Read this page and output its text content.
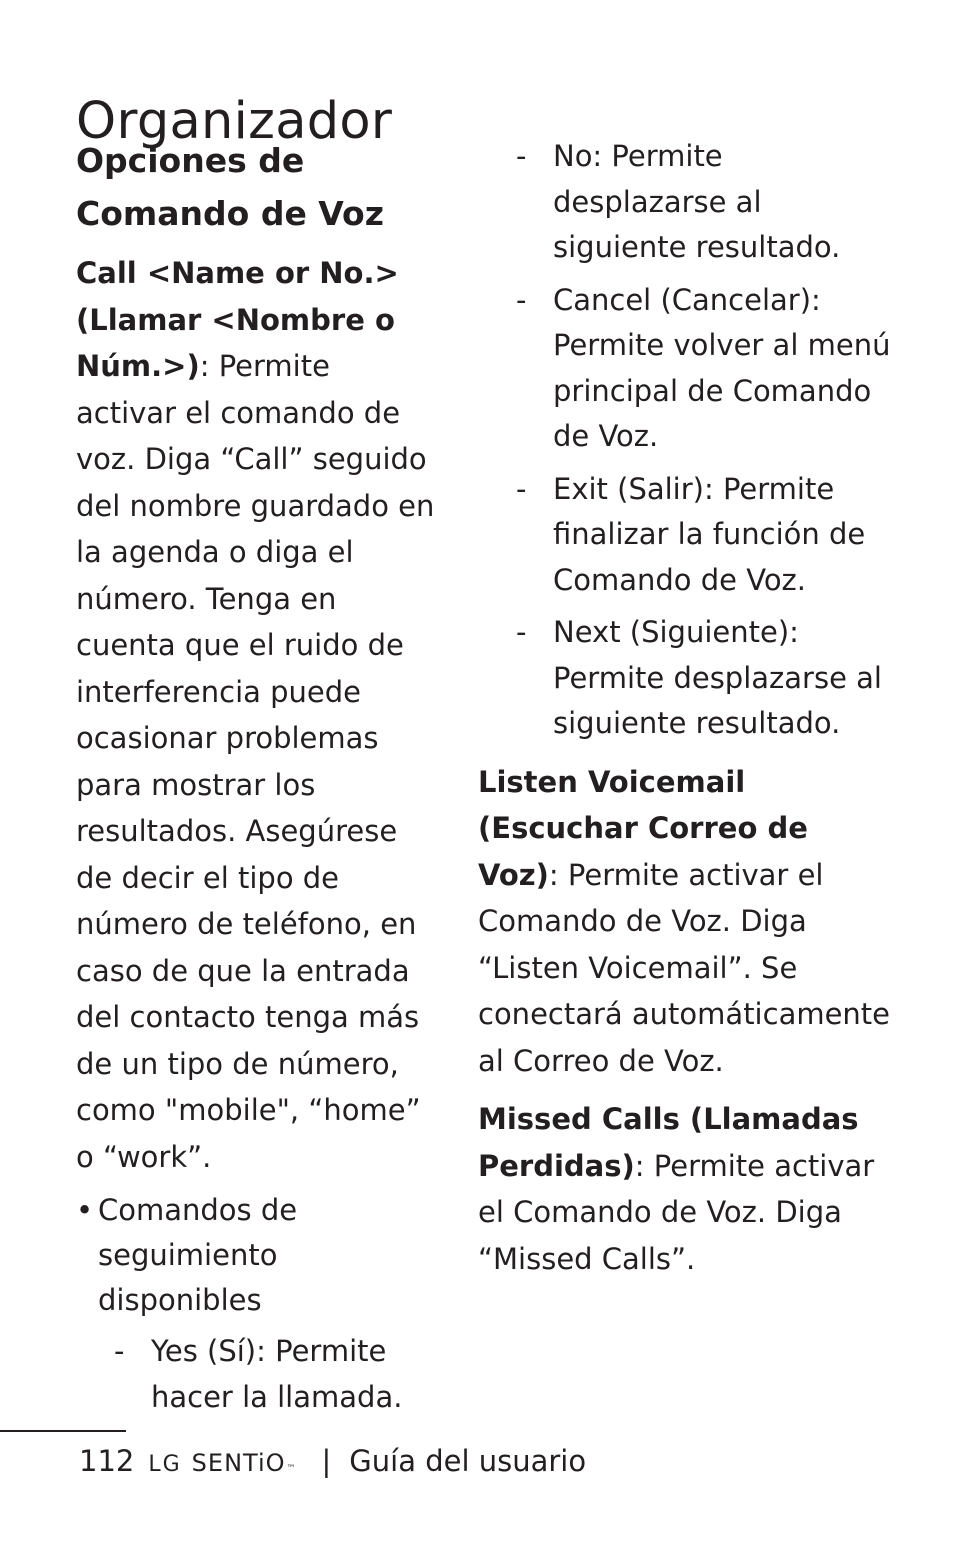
Organizador
Opciones de
Comando de Voz

Call <Name or No.> (Llamar <Nombre o Núm.>): Permite activar el comando de voz. Diga “Call” seguido del nombre guardado en la agenda o diga el número. Tenga en cuenta que el ruido de interferencia puede ocasionar problemas para mostrar los resultados. Asegúrese de decir el tipo de número de teléfono, en caso de que la entrada del contacto tenga más de un tipo de número, como "mobile", “home” o “work”.

• Comandos de seguimiento disponibles
- Yes (Sí): Permite hacer la llamada.
- No: Permite desplazarse al siguiente resultado.
- Cancel (Cancelar): Permite volver al menú principal de Comando de Voz.
- Exit (Salir): Permite finalizar la función de Comando de Voz.
- Next (Siguiente): Permite desplazarse al siguiente resultado.

Listen Voicemail (Escuchar Correo de Voz): Permite activar el Comando de Voz. Diga “Listen Voicemail”. Se conectará automáticamente al Correo de Voz.

Missed Calls (Llamadas Perdidas): Permite activar el Comando de Voz. Diga “Missed Calls”.

112 LG SENTiO ™ | Guía del usuario
